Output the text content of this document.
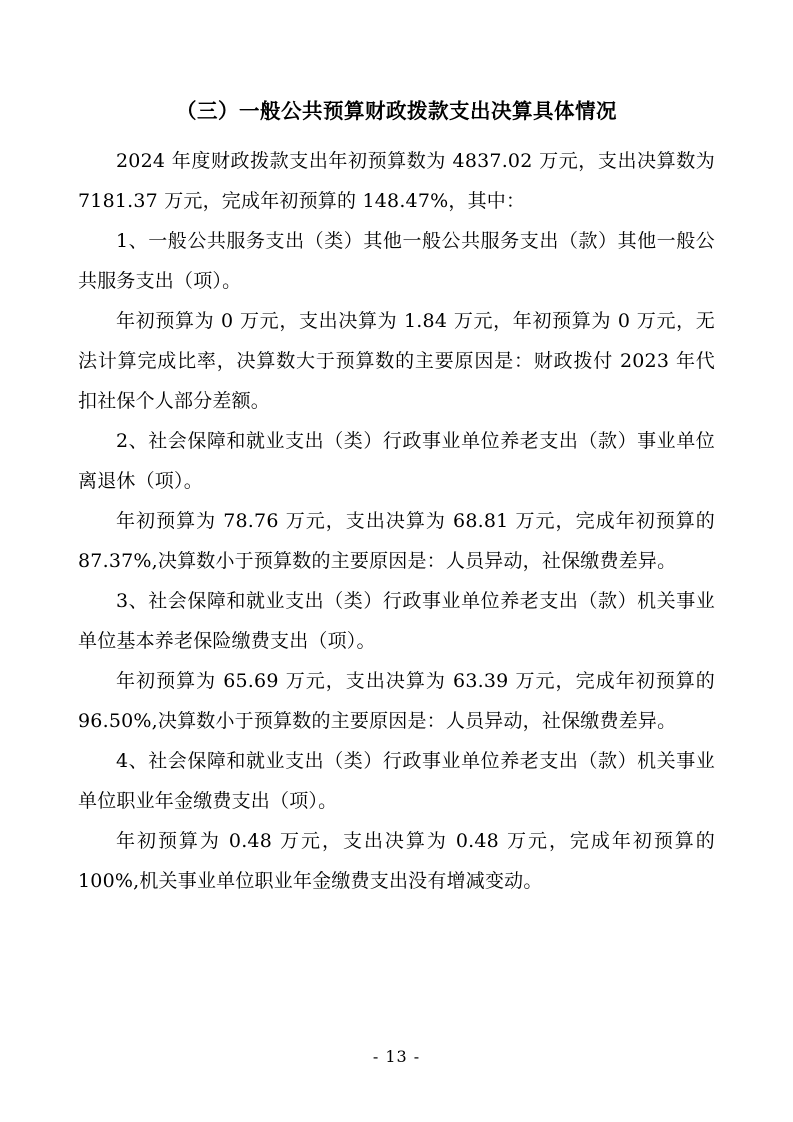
（三）一般公共预算财政拨款支出决算具体情况

2024 年度财政拨款支出年初预算数为 4837.02 万元，支出决算数为 7181.37 万元，完成年初预算的 148.47%，其中：

1、一般公共服务支出（类）其他一般公共服务支出（款）其他一般公共服务支出（项）。

年初预算为 0 万元，支出决算为 1.84 万元，年初预算为 0 万元，无法计算完成比率，决算数大于预算数的主要原因是：财政拨付 2023 年代扣社保个人部分差额。

2、社会保障和就业支出（类）行政事业单位养老支出（款）事业单位离退休（项）。

年初预算为 78.76 万元，支出决算为 68.81 万元，完成年初预算的 87.37%,决算数小于预算数的主要原因是：人员异动，社保缴费差异。

3、社会保障和就业支出（类）行政事业单位养老支出（款）机关事业单位基本养老保险缴费支出（项）。

年初预算为 65.69 万元，支出决算为 63.39 万元，完成年初预算的 96.50%,决算数小于预算数的主要原因是：人员异动，社保缴费差异。

4、社会保障和就业支出（类）行政事业单位养老支出（款）机关事业单位职业年金缴费支出（项）。

年初预算为 0.48 万元，支出决算为 0.48 万元，完成年初预算的 100%,机关事业单位职业年金缴费支出没有增减变动。

- 13 -
